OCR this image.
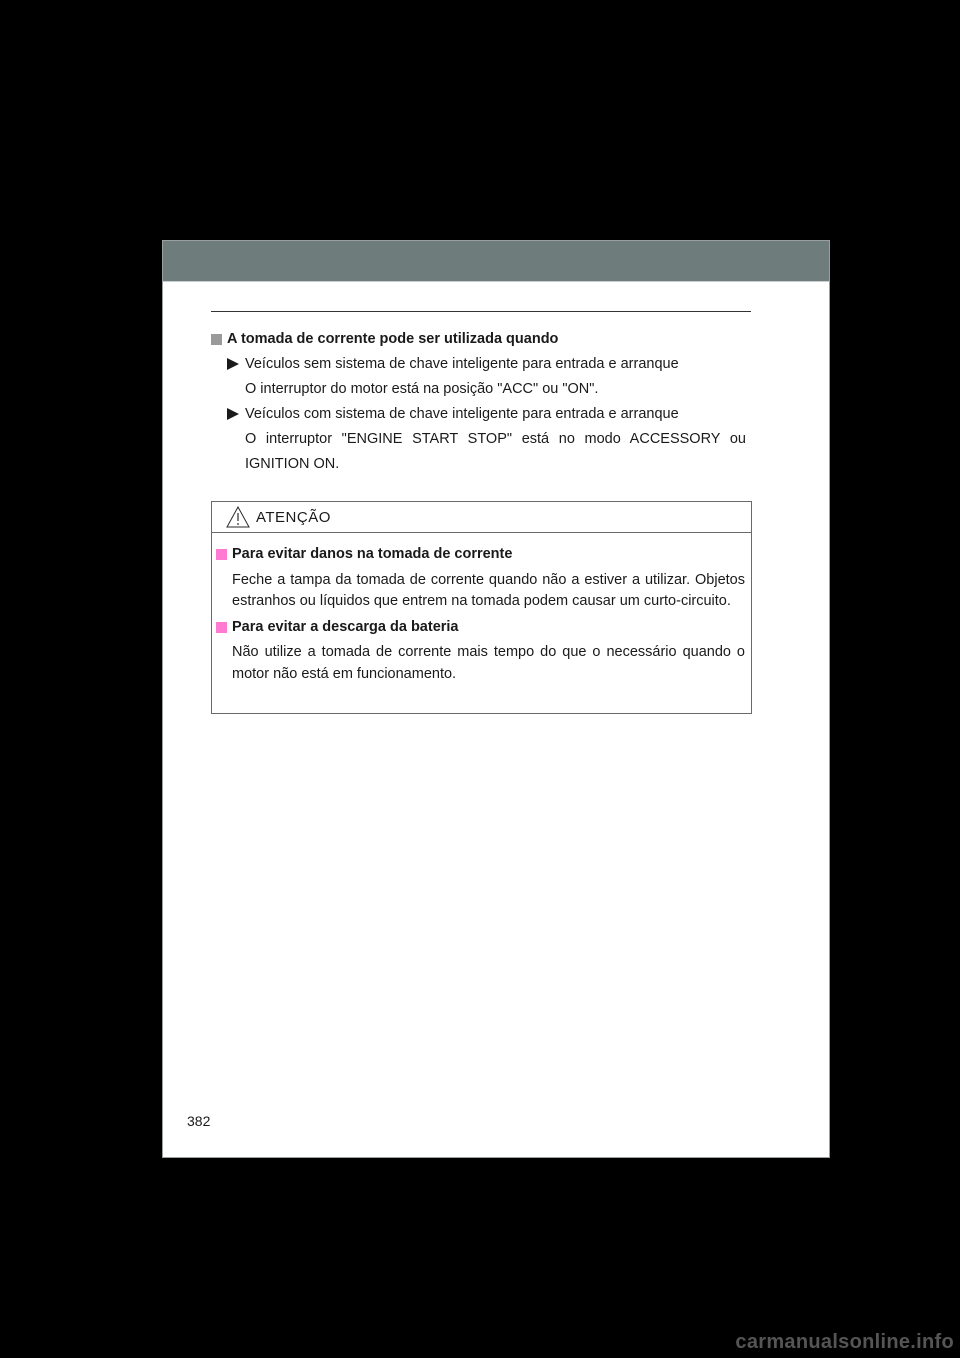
A tomada de corrente pode ser utilizada quando
Veículos sem sistema de chave inteligente para entrada e arranque
O interruptor do motor está na posição "ACC" ou "ON".
Veículos com sistema de chave inteligente para entrada e arranque
O interruptor "ENGINE START STOP" está no modo ACCESSORY ou IGNITION ON.
ATENÇÃO
Para evitar danos na tomada de corrente
Feche a tampa da tomada de corrente quando não a estiver a utilizar. Objetos estranhos ou líquidos que entrem na tomada podem causar um curto-circuito.
Para evitar a descarga da bateria
Não utilize a tomada de corrente mais tempo do que o necessário quando o motor não está em funcionamento.
382
carmanualsonline.info
